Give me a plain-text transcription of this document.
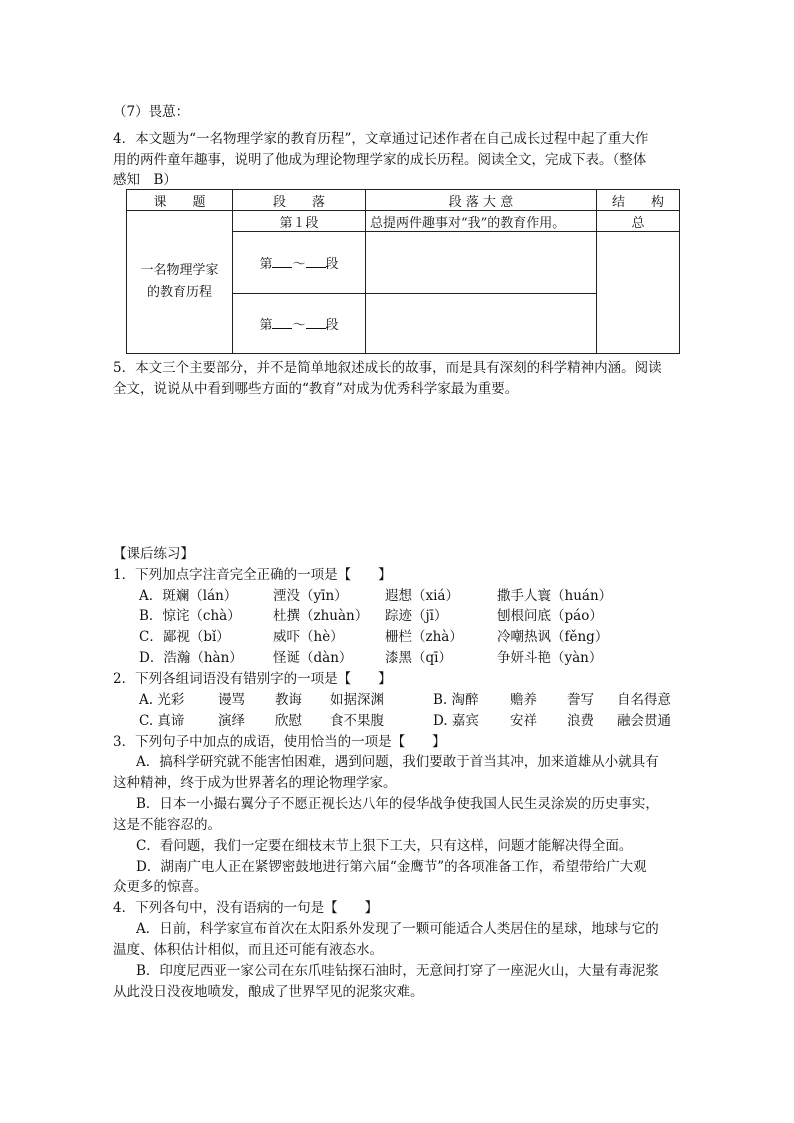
（7）畏葸：
4．本文题为“一名物理学家的教育历程”，文章通过记述作者在自己成长过程中起了重大作
用的两件童年趣事，说明了他成为理论物理学家的成长历程。阅读全文，完成下表。（整体
感知　B）
课　　题	段　　落	段 落 大 意	结　　构

一名物理学家
的教育历程	第１段	总提两件趣事对“我”的教育作用。	总
	第 ～ 段		
	第 ～ 段		
5．本文三个主要部分，并不是简单地叙述成长的故事，而是具有深刻的科学精神内涵。阅读
全文，说说从中看到哪些方面的“教育”对成为优秀科学家最为重要。
【课后练习】
1．下列加点字注音完全正确的一项是【　　】
A．斑斓（lán）	湮没（yīn）	遐想（xiá）	撒手人寰（huán）
B．惊诧（chà） 杜撰（zhuàn） 踪迹（jī）	刨根问底（páo）
C．鄙视（bǐ）	威吓（hè）	栅栏（zhà）	冷嘲热讽（fěng）
D．浩瀚（hàn） 怪诞（dàn） 漆黑（qī）	争妍斗艳（yàn）
2．下列各组词语没有错别字的一项是【　　】
A. 光彩 谩骂 教诲 如据深渊	B. 淘醉 赡养 誊写 自名得意
C. 真谛 演绎 欣慰 食不果腹	D. 嘉宾 安祥 浪费 融会贯通
3．下列句子中加点的成语，使用恰当的一项是【　　】
A．搞科学研究就不能害怕困难，遇到问题，我们要敢于首当其冲，加来道雄从小就具有
这种精神，终于成为世界著名的理论物理学家。
B．日本一小撮右翼分子不愿正视长达八年的侵华战争使我国人民生灵涂炭的历史事实，
这是不能容忍的。
C．看问题，我们一定要在细枝末节上狠下工夫，只有这样，问题才能解决得全面。
D．湖南广电人正在紧锣密鼓地进行第六届“金鹰节”的各项准备工作，希望带给广大观
众更多的惊喜。
4．下列各句中，没有语病的一句是【　　】
A．日前，科学家宣布首次在太阳系外发现了一颗可能适合人类居住的星球，地球与它的
温度、体积估计相似，而且还可能有液态水。
B．印度尼西亚一家公司在东爪哇钻探石油时，无意间打穿了一座泥火山，大量有毒泥浆
从此没日没夜地喷发，酿成了世界罕见的泥浆灾难。
